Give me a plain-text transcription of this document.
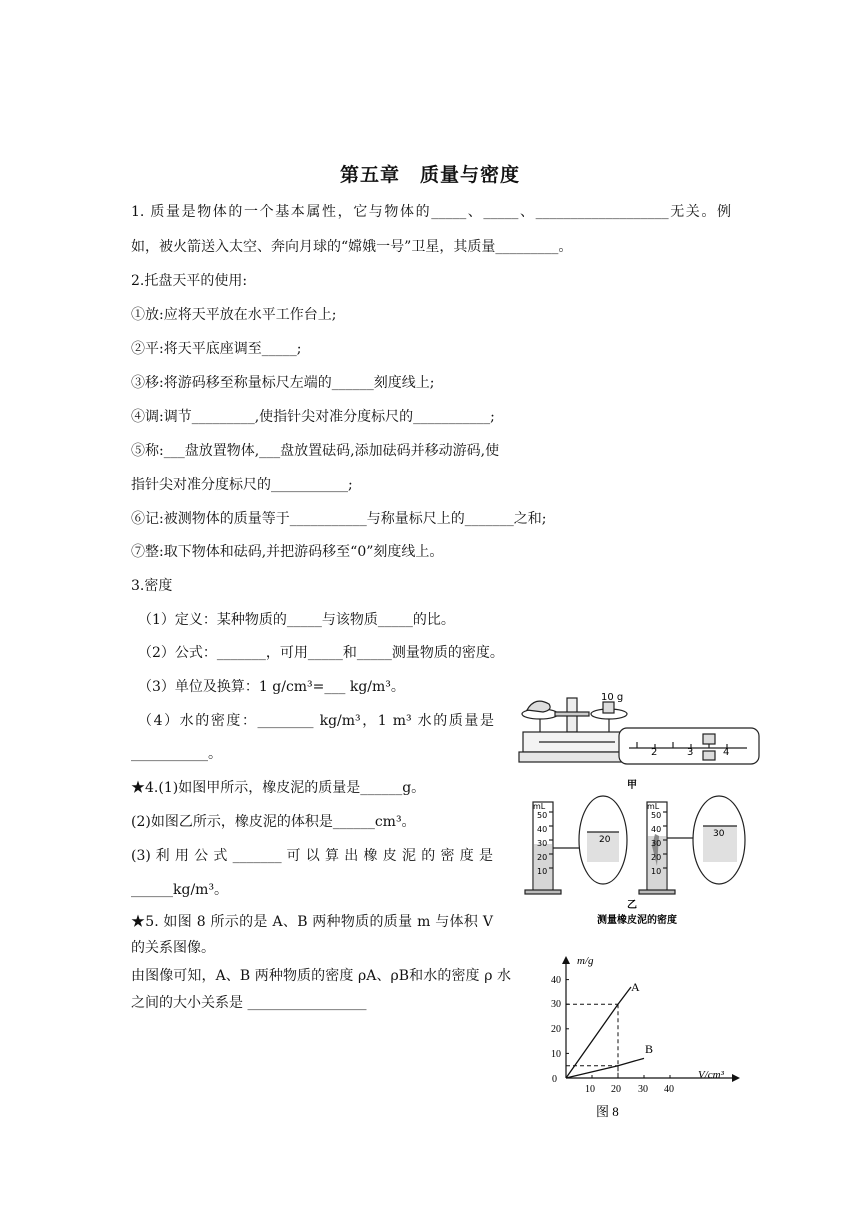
第五章　质量与密度
1. 质量是物体的一个基本属性，它与物体的_____、_____、___________________无关。例
如，被火箭送入太空、奔向月球的“嫦娥一号”卫星，其质量_________。
2.托盘天平的使用:
①放:应将天平放在水平工作台上;
②平:将天平底座调至_____;
③移:将游码移至称量标尺左端的______刻度线上;
④调:调节_________,使指针尖对准分度标尺的___________;
⑤称:___盘放置物体,___盘放置砝码,添加砝码并移动游码,使
指针尖对准分度标尺的___________;
⑥记:被测物体的质量等于___________与称量标尺上的_______之和;
⑦整:取下物体和砝码,并把游码移至“0”刻度线上。
3.密度
（1）定义：某种物质的_____与该物质_____的比。
（2）公式：_______，可用_____和_____测量物质的密度。
（3）单位及换算：1 g/cm³=___ kg/m³。
（4）水的密度：________ kg/m³，1 m³ 水的质量是
___________。
★4.(1)如图甲所示，橡皮泥的质量是______g。
(2)如图乙所示，橡皮泥的体积是______cm³。
(3) 利 用 公 式 _______ 可 以 算 出 橡 皮 泥 的 密 度 是
______kg/m³。
★5. 如图 8 所示的是 A、B 两种物质的质量 m 与体积 V
的关系图像。
由图像可知，A、B 两种物质的密度 ρA、ρB和水的密度 ρ 水
之间的大小关系是 _________________
10 g
2	3	4
甲
mL
50
40
30
20
10
20
mL
50
40
30
20
10
30
乙
测量橡皮泥的密度
m/g
V/cm³
0
40
30
20
10
10 20 30 40
A
B
图 8
